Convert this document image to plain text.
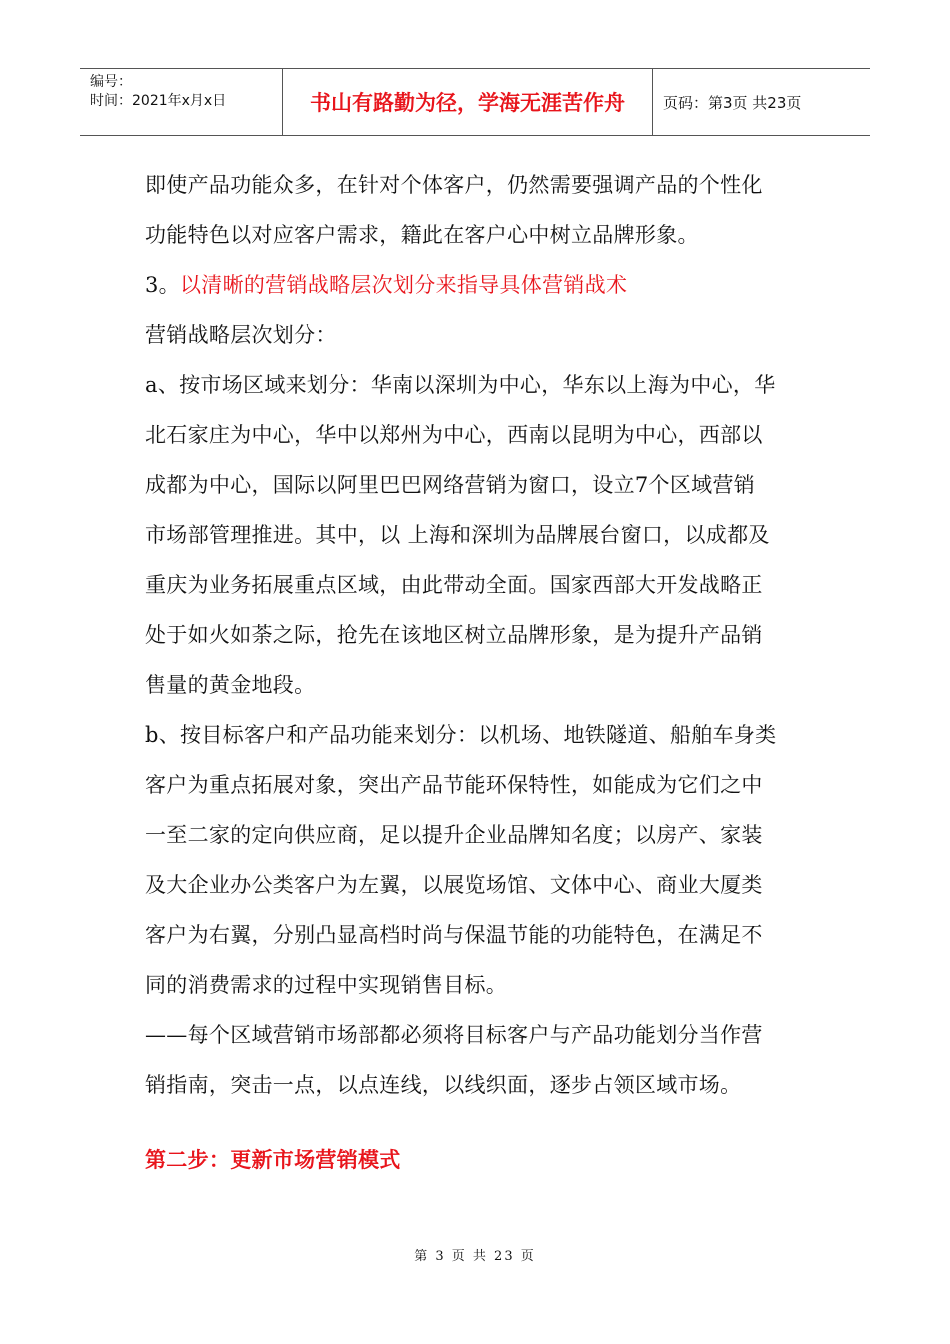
编号：
时间：2021年x月x日	书山有路勤为径，学海无涯苦作舟	页码：第3页 共23页
即使产品功能众多，在针对个体客户，仍然需要强调产品的个性化
功能特色以对应客户需求，籍此在客户心中树立品牌形象。
3。以清晰的营销战略层次划分来指导具体营销战术
营销战略层次划分：
a、按市场区域来划分：华南以深圳为中心，华东以上海为中心，华
北石家庄为中心，华中以郑州为中心，西南以昆明为中心，西部以
成都为中心，国际以阿里巴巴网络营销为窗口，设立7个区域营销
市场部管理推进。其中，以 上海和深圳为品牌展台窗口，以成都及
重庆为业务拓展重点区域，由此带动全面。国家西部大开发战略正
处于如火如荼之际，抢先在该地区树立品牌形象，是为提升产品销
售量的黄金地段。
b、按目标客户和产品功能来划分：以机场、地铁隧道、船舶车身类
客户为重点拓展对象，突出产品节能环保特性，如能成为它们之中
一至二家的定向供应商，足以提升企业品牌知名度；以房产、家装
及大企业办公类客户为左翼，以展览场馆、文体中心、商业大厦类
客户为右翼，分别凸显高档时尚与保温节能的功能特色，在满足不
同的消费需求的过程中实现销售目标。
——每个区域营销市场部都必须将目标客户与产品功能划分当作营
销指南，突击一点，以点连线，以线织面，逐步占领区域市场。
第二步：更新市场营销模式
第 3 页 共 23 页
